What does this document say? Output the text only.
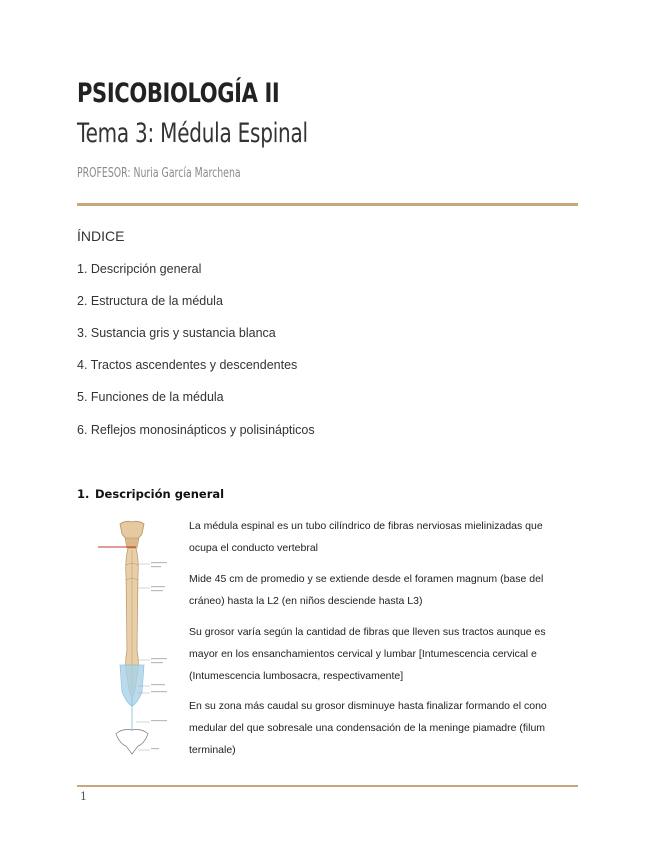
PSICOBIOLOGÍA II
Tema 3: Médula Espinal
PROFESOR: Nuria García Marchena
ÍNDICE
1. Descripción general
2. Estructura de la médula
3. Sustancia gris y sustancia blanca
4. Tractos ascendentes y descendentes
5. Funciones de la médula
6. Reflejos monosinápticos y polisinápticos
1. Descripción general

La médula espinal es un tubo cilíndrico de fibras nerviosas mielinizadas que ocupa el conducto vertebral

Mide 45 cm de promedio y se extiende desde el foramen magnum (base del cráneo) hasta la L2 (en niños desciende hasta L3)

Su grosor varía según la cantidad de fibras que lleven sus tractos aunque es mayor en los ensanchamientos cervical y lumbar [Intumescencia cervical e (Intumescencia lumbosacra, respectivamente]

En su zona más caudal su grosor disminuye hasta finalizar formando el cono medular del que sobresale una condensación de la meninge piamadre (filum terminale)

1
